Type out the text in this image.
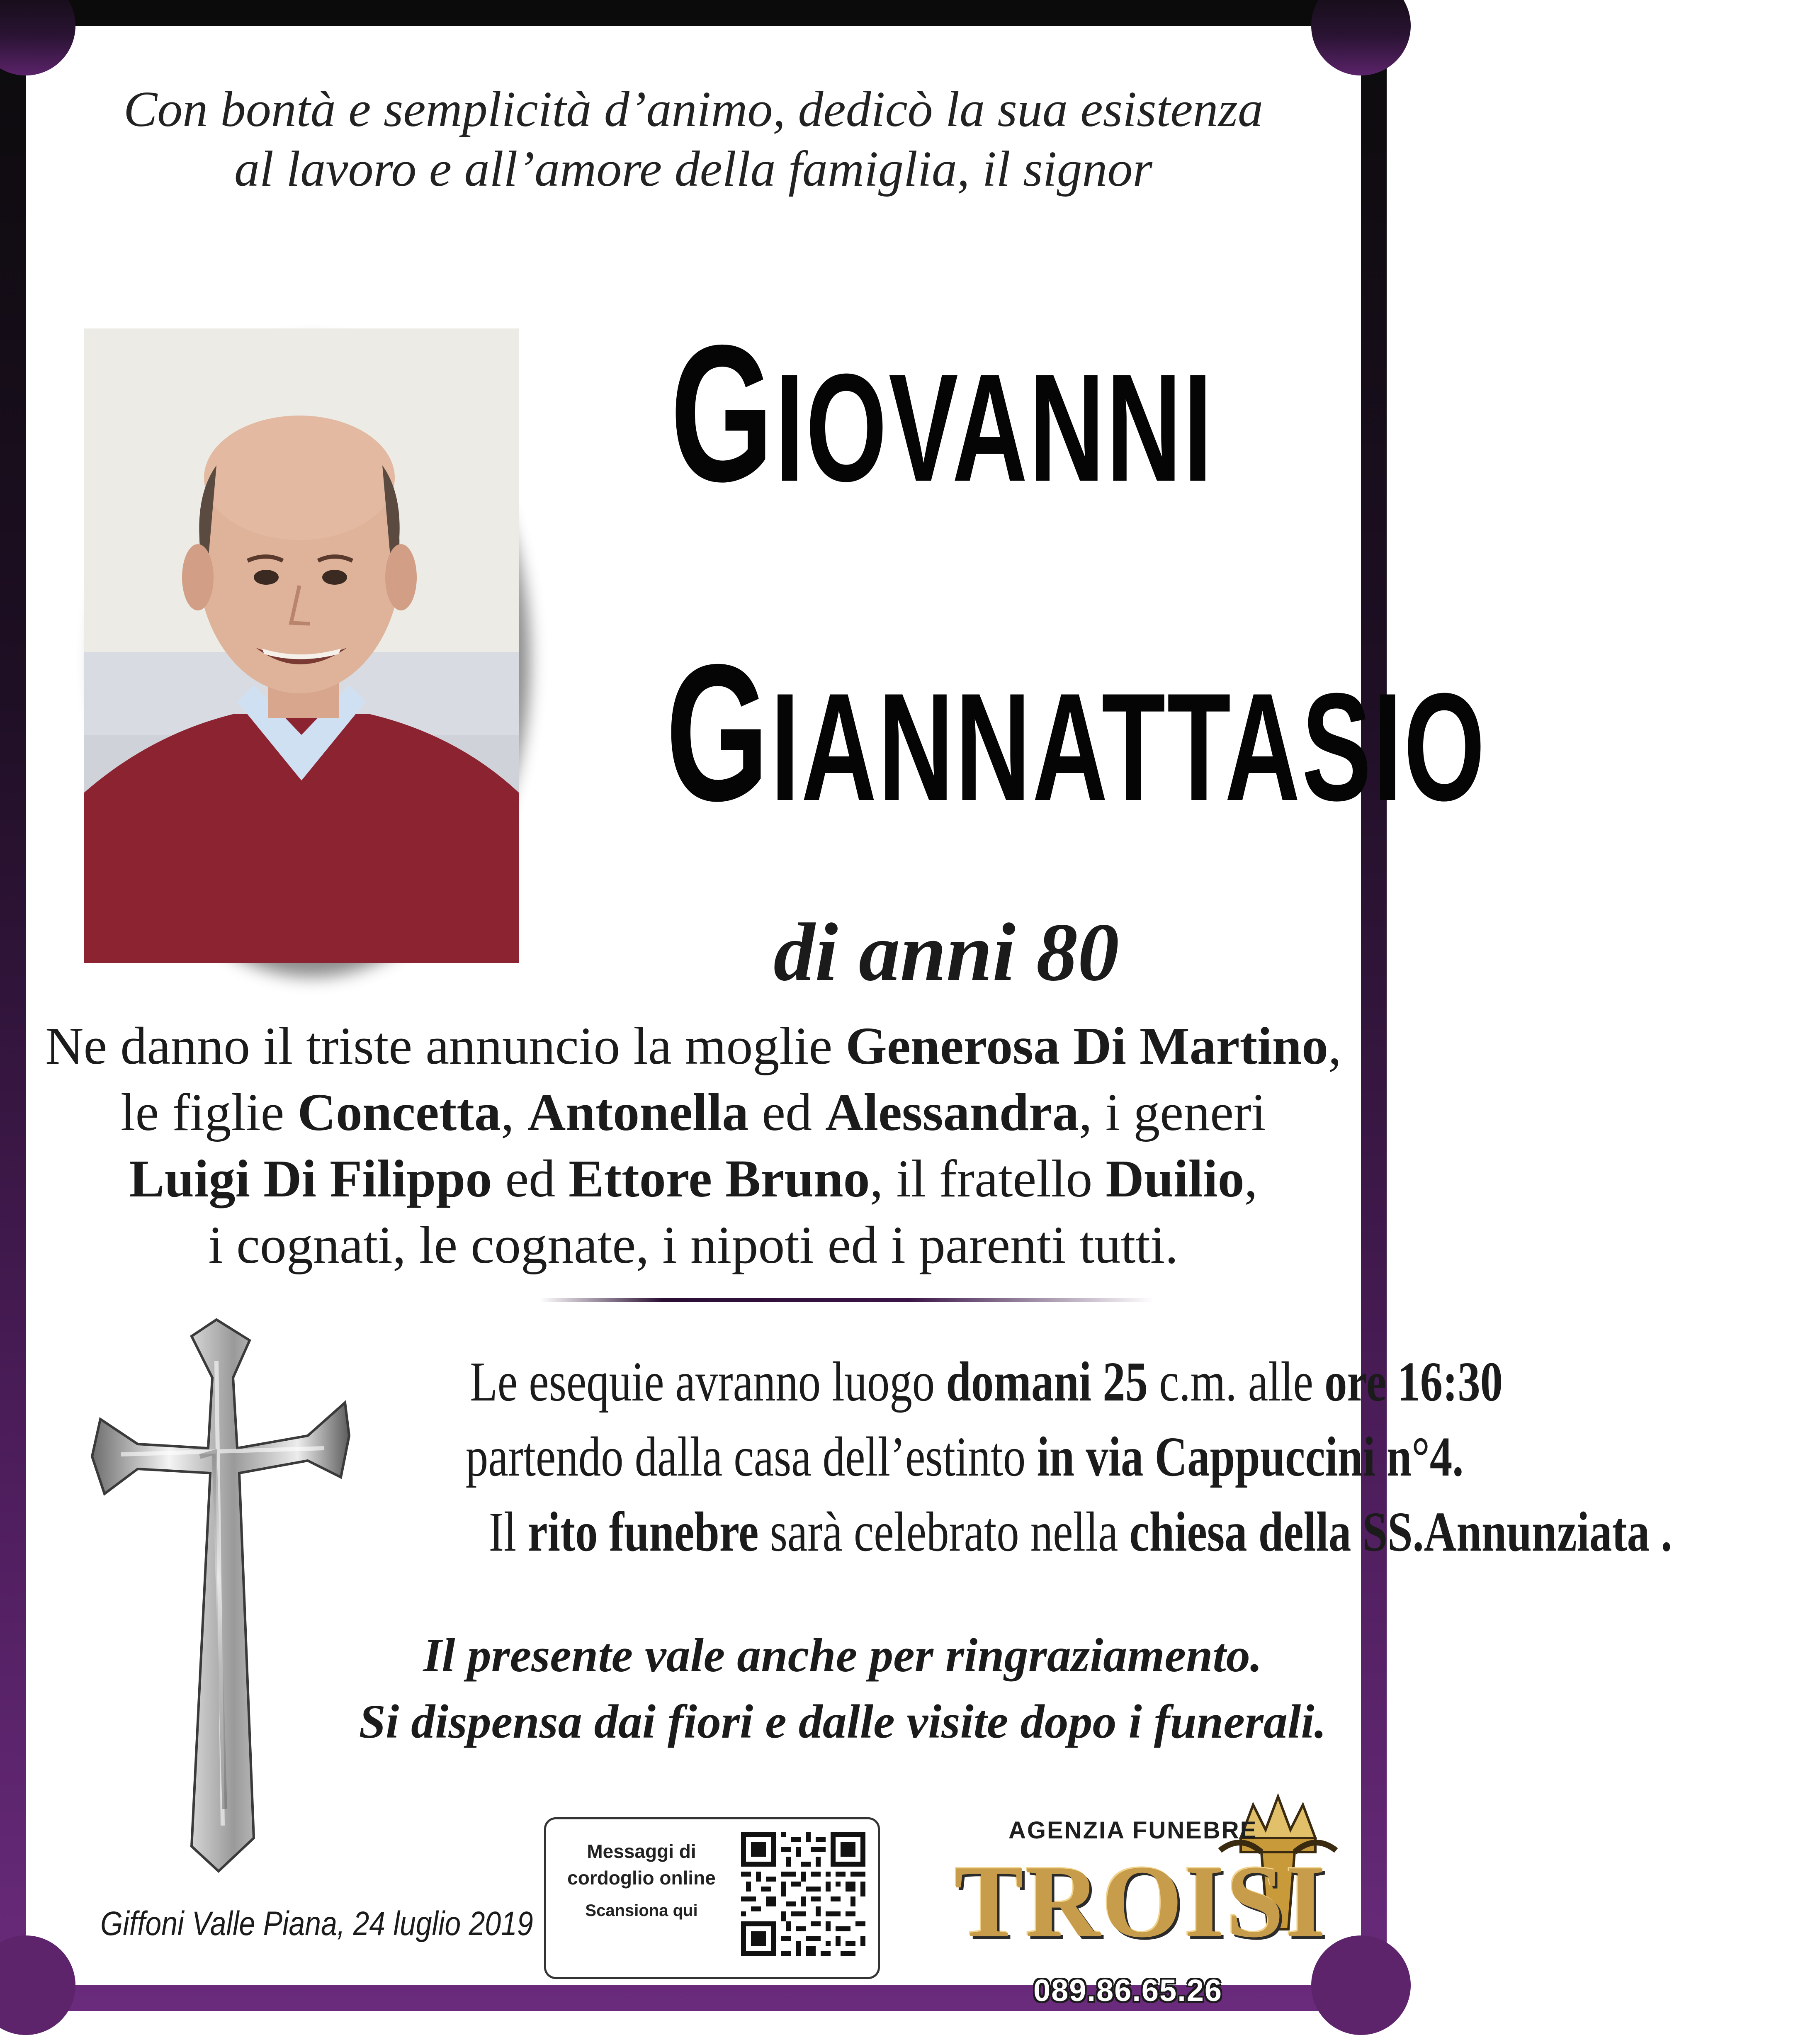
Con bontà e semplicità d’animo, dedicò la sua esistenza
al lavoro e all’amore della famiglia, il signor
GIOVANNI
GIANNATTASIO
di anni 80
Ne danno il triste annuncio la moglie Generosa Di Martino,
le figlie Concetta, Antonella ed Alessandra, i generi
Luigi Di Filippo ed Ettore Bruno, il fratello Duilio,
i cognati, le cognate, i nipoti ed i parenti tutti.
Le esequie avranno luogo domani 25 c.m. alle ore 16:30
partendo dalla casa dell’estinto in via Cappuccini n°4.
Il rito funebre sarà celebrato nella chiesa della SS.Annunziata .
Il presente vale anche per ringraziamento.
Si dispensa dai fiori e dalle visite dopo i funerali.
Giffoni Valle Piana, 24 luglio 2019
Messaggi di
cordoglio online
Scansiona qui
AGENZIA FUNEBRE
TROISI
089.86.65.26
